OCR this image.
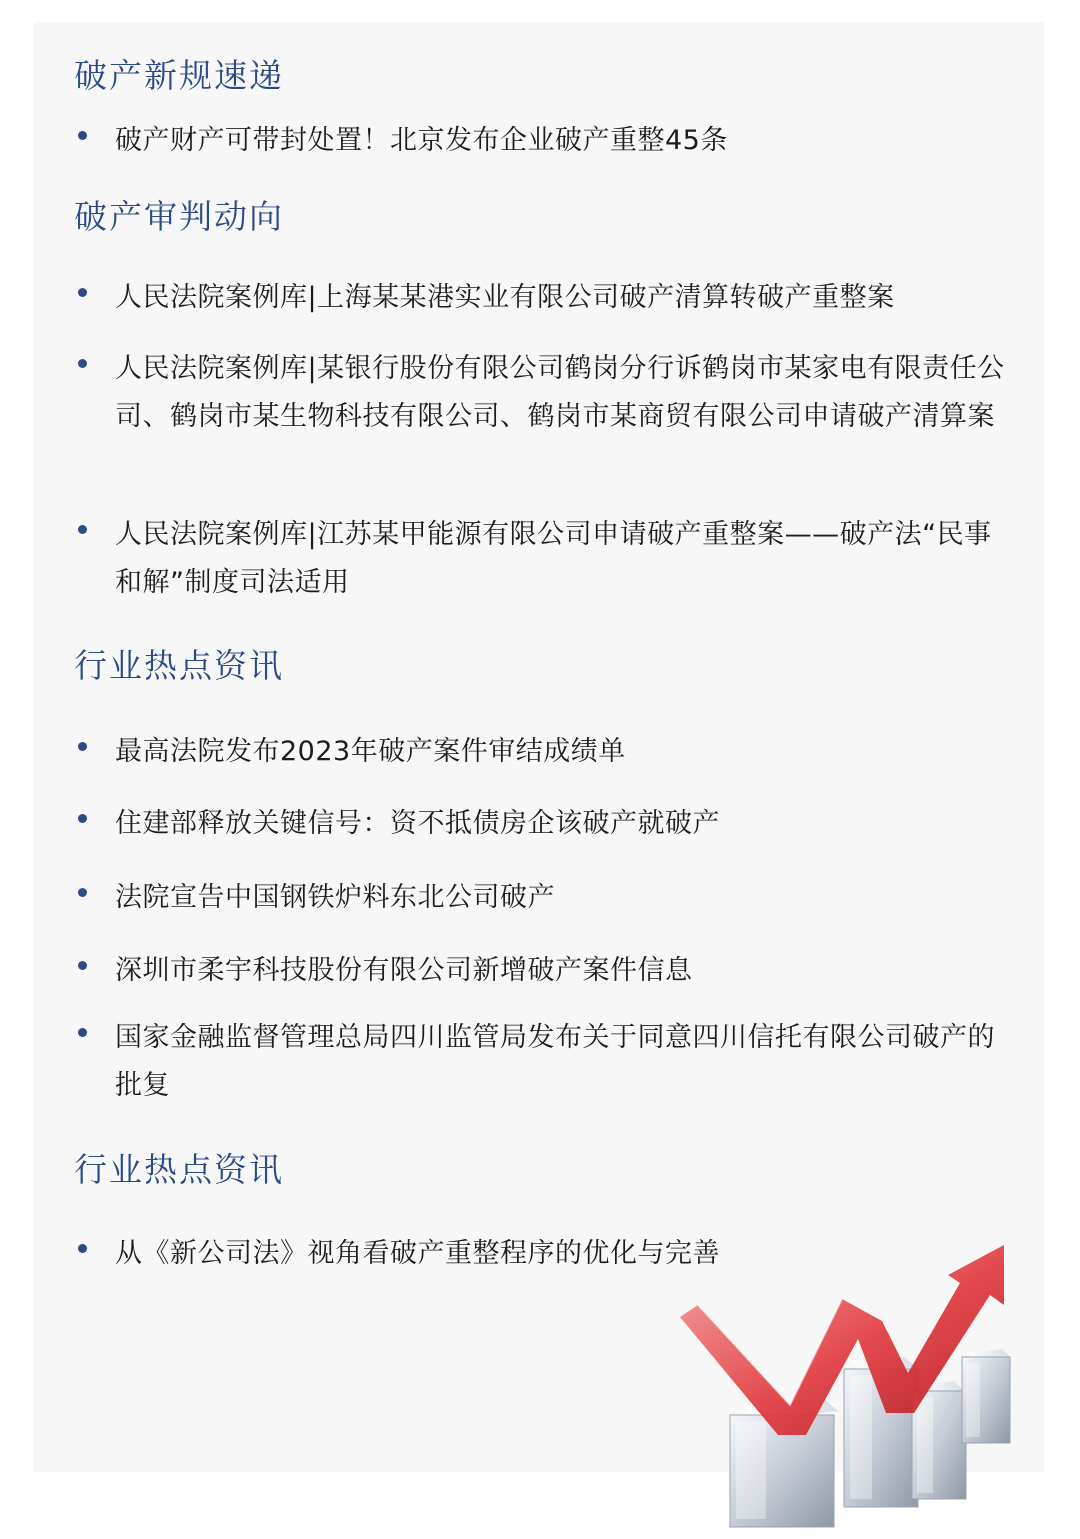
破产新规速递
破产财产可带封处置！北京发布企业破产重整45条
破产审判动向
人民法院案例库|上海某某港实业有限公司破产清算转破产重整案
人民法院案例库|某银行股份有限公司鹤岗分行诉鹤岗市某家电有限责任公司、鹤岗市某生物科技有限公司、鹤岗市某商贸有限公司申请破产清算案
人民法院案例库|江苏某甲能源有限公司申请破产重整案——破产法“民事和解”制度司法适用
行业热点资讯
最高法院发布2023年破产案件审结成绩单
住建部释放关键信号：资不抵债房企该破产就破产
法院宣告中国钢铁炉料东北公司破产
深圳市柔宇科技股份有限公司新增破产案件信息
国家金融监督管理总局四川监管局发布关于同意四川信托有限公司破产的批复
行业热点资讯
从《新公司法》视角看破产重整程序的优化与完善
